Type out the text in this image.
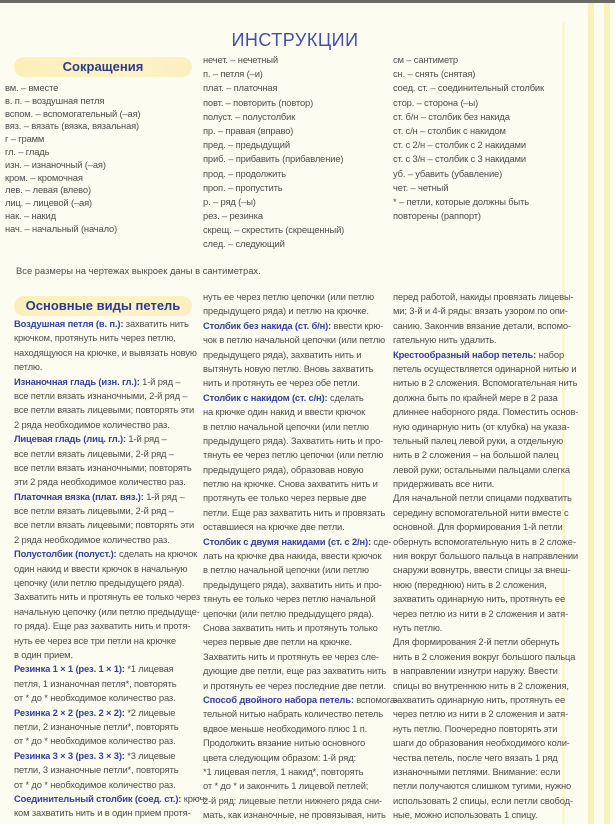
ИНСТРУКЦИИ
Сокращения
вм. – вместе
в. п. – воздушная петля
вспом. – вспомогательный (–ая)
вяз. – вязать (вязка, вязальная)
г – грамм
гл. – гладь
изн. – изнаночный (–ая)
кром. – кромочная
лев. – левая (влево)
лиц. – лицевой (–ая)
нак. – накид
нач. – начальный (начало)
нечет. – нечетный
п. – петля (–и)
плат. – платочная
повт. – повторить (повтор)
полуст. – полустолбик
пр. – правая (вправо)
пред. – предыдущий
приб. – прибавить (прибавление)
прод. – продолжить
проп. – пропустить
р. – ряд (–ы)
рез. – резинка
скрещ. – скрестить (скрещенный)
след. – следующий
см – сантиметр
сн. – снять (снятая)
соед. ст. – соединительный столбик
стор. – сторона (–ы)
ст. б/н – столбик без накида
ст. с/н – столбик с накидом
ст. с 2/н – столбик с 2 накидами
ст. с 3/н – столбик с 3 накидами
уб. – убавить (убавление)
чет. – четный
* – петли, которые должны быть
повторены (раппорт)
Все размеры на чертежах выкроек даны в сантиметрах.
Основные виды петель
Воздушная петля (в. п.): захватить нить
крючком, протянуть нить через петлю,
находящуюся на крючке, и вывязать новую
петлю.
Изнаночная гладь (изн. гл.): 1-й ряд –
все петли вязать изнаночными, 2-й ряд –
все петли вязать лицевыми; повторять эти
2 ряда необходимое количество раз.
Лицевая гладь (лиц. гл.): 1-й ряд –
все петли вязать лицевыми, 2-й ряд –
все петли вязать изнаночными; повторять
эти 2 ряда необходимое количество раз.
Платочная вязка (плат. вяз.): 1-й ряд –
все петли вязать лицевыми, 2-й ряд –
все петли вязать лицевыми; повторять эти
2 ряда необходимое количество раз.
Полустолбик (полуст.): сделать на крючок
один накид и ввести крючок в начальную
цепочку (или петлю предыдущего ряда).
Захватить нить и протянуть ее только через
начальную цепочку (или петлю предыдуще-
го ряда). Еще раз захватить нить и протя-
нуть ее через все три петли на крючке
в один прием.
Резинка 1 × 1 (рез. 1 × 1): *1 лицевая
петля, 1 изнаночная петля*, повторять
от * до * необходимое количество раз.
Резинка 2 × 2 (рез. 2 × 2): *2 лицевые
петли, 2 изнаночные петли*, повторять
от * до * необходимое количество раз.
Резинка 3 × 3 (рез. 3 × 3): *3 лицевые
петли, 3 изнаночные петли*, повторять
от * до * необходимое количество раз.
Соединительный столбик (соед. ст.): крюч-
ком захватить нить и в один прием протя-
нуть ее через петлю цепочки (или петлю
предыдущего ряда) и петлю на крючке.
Столбик без накида (ст. б/н): ввести крю-
чок в петлю начальной цепочки (или петлю
предыдущего ряда), захватить нить и
вытянуть новую петлю. Вновь захватить
нить и протянуть ее через обе петли.
Столбик с накидом (ст. с/н): сделать
на крючке один накид и ввести крючок
в петлю начальной цепочки (или петлю
предыдущего ряда). Захватить нить и про-
тянуть ее через петлю цепочки (или петлю
предыдущего ряда), образовав новую
петлю на крючке. Снова захватить нить и
протянуть ее только через первые две
петли. Еще раз захватить нить и провязать
оставшиеся на крючке две петли.
Столбик с двумя накидами (ст. с 2/н): сде-
лать на крючке два накида, ввести крючок
в петлю начальной цепочки (или петлю
предыдущего ряда), захватить нить и про-
тянуть ее только через петлю начальной
цепочки (или петлю предыдущего ряда).
Снова захватить нить и протянуть только
через первые две петли на крючке.
Захватить нить и протянуть ее через сле-
дующие две петли, еще раз захватить нить
и протянуть ее через последние две петли.
Способ двойного набора петель: вспомога-
тельной нитью набрать количество петель
вдвое меньше необходимого плюс 1 п.
Продолжить вязание нитью основного
цвета следующим образом: 1-й ряд:
*1 лицевая петля, 1 накид*, повторять
от * до * и закончить 1 лицевой петлей;
2-й ряд: лицевые петли нижнего ряда сни-
мать, как изнаночные, не провязывая, нить
перед работой, накиды провязать лицевы-
ми; 3-й и 4-й ряды: вязать узором по опи-
санию. Закончив вязание детали, вспомо-
гательную нить удалить.
Крестообразный набор петель: набор
петель осуществляется одинарной нитью и
нитью в 2 сложения. Вспомогательная нить
должна быть по крайней мере в 2 раза
длиннее наборного ряда. Поместить основ-
ную одинарную нить (от клубка) на указа-
тельный палец левой руки, а отдельную
нить в 2 сложения – на большой палец
левой руки; остальными пальцами слегка
придерживать все нити.
Для начальной петли спицами подхватить
середину вспомогательной нити вместе с
основной. Для формирования 1-й петли
обернуть вспомогательную нить в 2 сложе-
ния вокруг большого пальца в направлении
снаружи вовнутрь, ввести спицы за внеш-
нюю (переднюю) нить в 2 сложения,
захватить одинарную нить, протянуть ее
через петлю из нити в 2 сложения и затя-
нуть петлю.
Для формирования 2-й петли обернуть
нить в 2 сложения вокруг большого пальца
в направлении изнутри наружу. Ввести
спицы во внутреннюю нить в 2 сложения,
захватить одинарную нить, протянуть ее
через петлю из нити в 2 сложения и затя-
нуть петлю. Поочередно повторять эти
шаги до образования необходимого коли-
чества петель, после чего вязать 1 ряд
изнаночными петлями. Внимание: если
петли получаются слишком тугими, нужно
использовать 2 спицы, если петли свобод-
ные, можно использовать 1 спицу.
